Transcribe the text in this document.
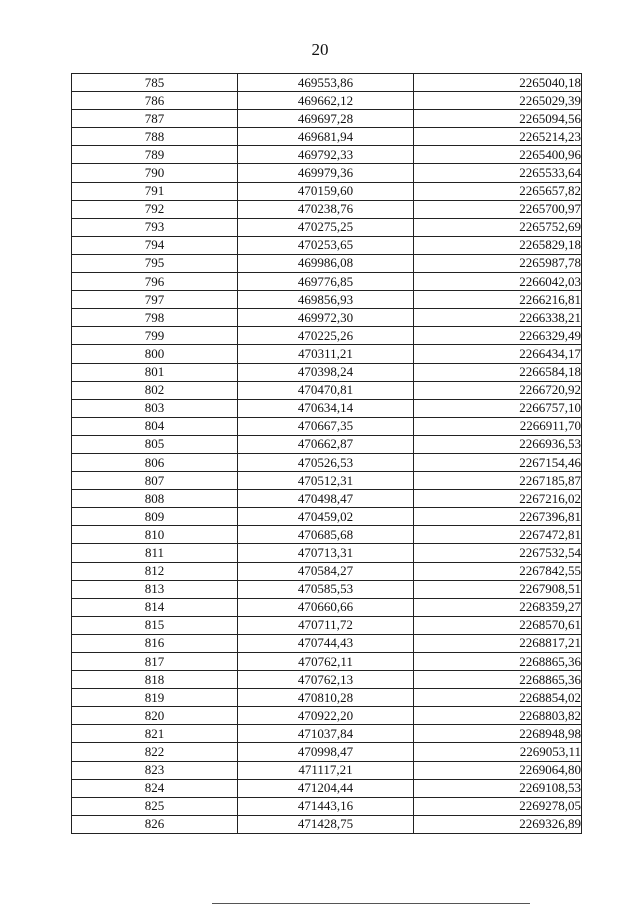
20
785	469553,86	2265040,18
786	469662,12	2265029,39
787	469697,28	2265094,56
788	469681,94	2265214,23
789	469792,33	2265400,96
790	469979,36	2265533,64
791	470159,60	2265657,82
792	470238,76	2265700,97
793	470275,25	2265752,69
794	470253,65	2265829,18
795	469986,08	2265987,78
796	469776,85	2266042,03
797	469856,93	2266216,81
798	469972,30	2266338,21
799	470225,26	2266329,49
800	470311,21	2266434,17
801	470398,24	2266584,18
802	470470,81	2266720,92
803	470634,14	2266757,10
804	470667,35	2266911,70
805	470662,87	2266936,53
806	470526,53	2267154,46
807	470512,31	2267185,87
808	470498,47	2267216,02
809	470459,02	2267396,81
810	470685,68	2267472,81
811	470713,31	2267532,54
812	470584,27	2267842,55
813	470585,53	2267908,51
814	470660,66	2268359,27
815	470711,72	2268570,61
816	470744,43	2268817,21
817	470762,11	2268865,36
818	470762,13	2268865,36
819	470810,28	2268854,02
820	470922,20	2268803,82
821	471037,84	2268948,98
822	470998,47	2269053,11
823	471117,21	2269064,80
824	471204,44	2269108,53
825	471443,16	2269278,05
826	471428,75	2269326,89
